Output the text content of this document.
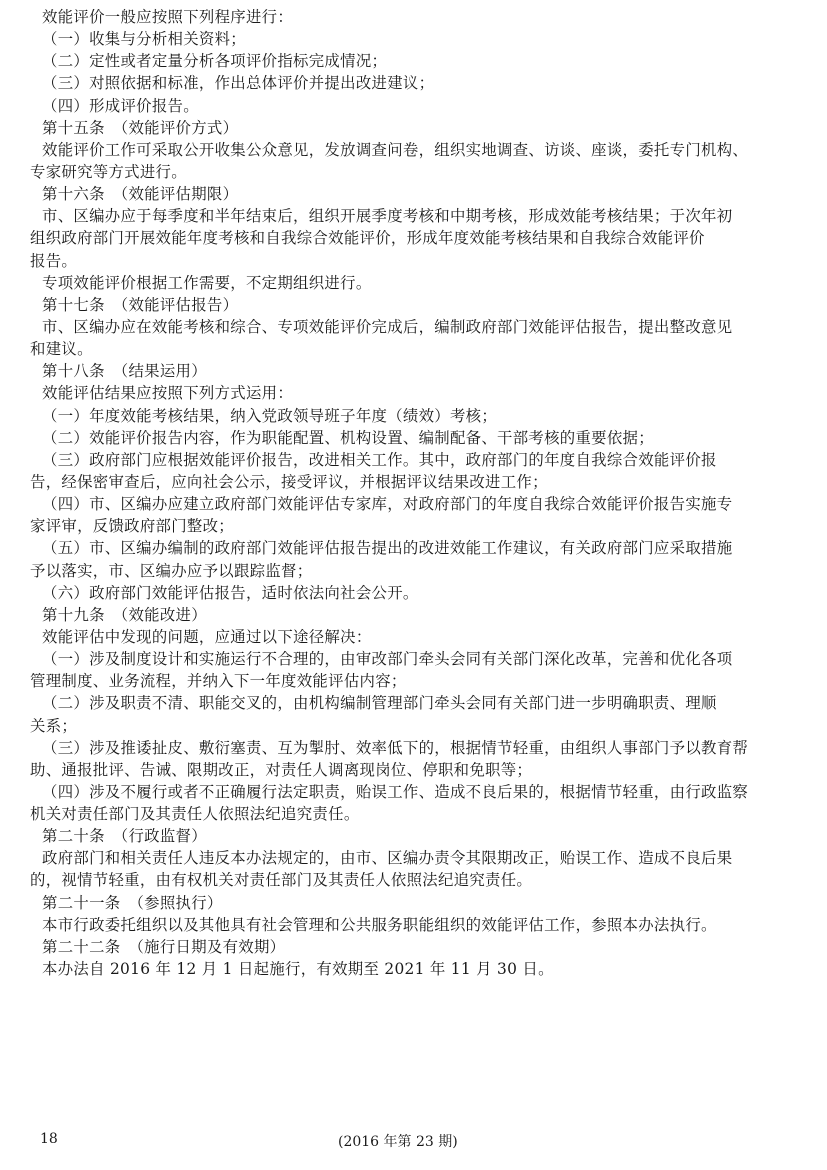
效能评价一般应按照下列程序进行：
（一）收集与分析相关资料；
（二）定性或者定量分析各项评价指标完成情况；
（三）对照依据和标准，作出总体评价并提出改进建议；
（四）形成评价报告。
第十五条　（效能评价方式）
效能评价工作可采取公开收集公众意见，发放调查问卷，组织实地调查、访谈、座谈，委托专门机构、
专家研究等方式进行。
第十六条　（效能评估期限）
市、区编办应于每季度和半年结束后，组织开展季度考核和中期考核，形成效能考核结果；于次年初
组织政府部门开展效能年度考核和自我综合效能评价，形成年度效能考核结果和自我综合效能评价
报告。
专项效能评价根据工作需要，不定期组织进行。
第十七条　（效能评估报告）
市、区编办应在效能考核和综合、专项效能评价完成后，编制政府部门效能评估报告，提出整改意见
和建议。
第十八条　（结果运用）
效能评估结果应按照下列方式运用：
（一）年度效能考核结果，纳入党政领导班子年度（绩效）考核；
（二）效能评价报告内容，作为职能配置、机构设置、编制配备、干部考核的重要依据；
（三）政府部门应根据效能评价报告，改进相关工作。其中，政府部门的年度自我综合效能评价报
告，经保密审查后，应向社会公示，接受评议，并根据评议结果改进工作；
（四）市、区编办应建立政府部门效能评估专家库，对政府部门的年度自我综合效能评价报告实施专
家评审，反馈政府部门整改；
（五）市、区编办编制的政府部门效能评估报告提出的改进效能工作建议，有关政府部门应采取措施
予以落实，市、区编办应予以跟踪监督；
（六）政府部门效能评估报告，适时依法向社会公开。
第十九条　（效能改进）
效能评估中发现的问题，应通过以下途径解决：
（一）涉及制度设计和实施运行不合理的，由审改部门牵头会同有关部门深化改革，完善和优化各项
管理制度、业务流程，并纳入下一年度效能评估内容；
（二）涉及职责不清、职能交叉的，由机构编制管理部门牵头会同有关部门进一步明确职责、理顺
关系；
（三）涉及推诿扯皮、敷衍塞责、互为掣肘、效率低下的，根据情节轻重，由组织人事部门予以教育帮
助、通报批评、告诫、限期改正，对责任人调离现岗位、停职和免职等；
（四）涉及不履行或者不正确履行法定职责，贻误工作、造成不良后果的，根据情节轻重，由行政监察
机关对责任部门及其责任人依照法纪追究责任。
第二十条　（行政监督）
政府部门和相关责任人违反本办法规定的，由市、区编办责令其限期改正，贻误工作、造成不良后果
的，视情节轻重，由有权机关对责任部门及其责任人依照法纪追究责任。
第二十一条　（参照执行）
本市行政委托组织以及其他具有社会管理和公共服务职能组织的效能评估工作，参照本办法执行。
第二十二条　（施行日期及有效期）
本办法自 2016 年 12 月 1 日起施行，有效期至 2021 年 11 月 30 日。
18	(2016 年第 23 期)
